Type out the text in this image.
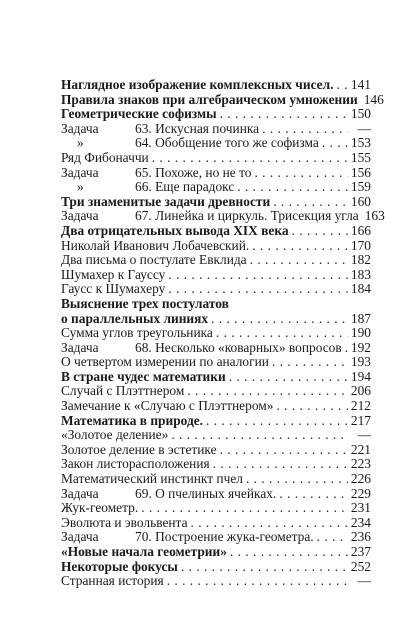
Наглядное изображение комплексных чисел. . . . 141
Правила знаков при алгебраическом умножении 146
Геометрические софизмы . . .	150
Задача	63. Искусная починка . . .	—
»	64. Обобщение того же софизма . . . 153
Ряд Фибоначчи . . .	155
Задача	65. Похоже, но не то . . .	156
»	66. Еще парадокс . . .	159
Три знаменитые задачи древности . . .	160
Задача	67. Линейка и циркуль. Трисекция угла 163
Два отрицательных вывода XIX века . . .	166
Николай Иванович Лобачевский. . . .	170
Два письма о постулате Евклида . . .	182
Шумахер к Гауссу . . .	183
Гаусс к Шумахеру . . .	184
Выяснение трех постулатов
о параллельных линиях . . .	187
Сумма углов треугольника . . .	190
Задача	68. Несколько «коварных» вопросов . . . 192
О четвертом измерении по аналогии . . .	193
В стране чудес математики . . .	194
Случай с Плэттнером . . .	206
Замечание к «Случаю с Плэттнером» . . .	212
Математика в природе. . . .	217
«Золотое деление» . . .	—
Золотое деление в эстетике . . .	221
Закон листорасположения . . .	223
Математический инстинкт пчел . . .	226
Задача	69. О пчелиных ячейках. . . .	229
Жук-геометр. . . .	231
Эволюта и эвольвента . . .	234
Задача	70. Построение жука-геометра. . . .	236
«Новые начала геометрии» . . .	237
Некоторые фокусы . . .	252
Странная история . . .	—
